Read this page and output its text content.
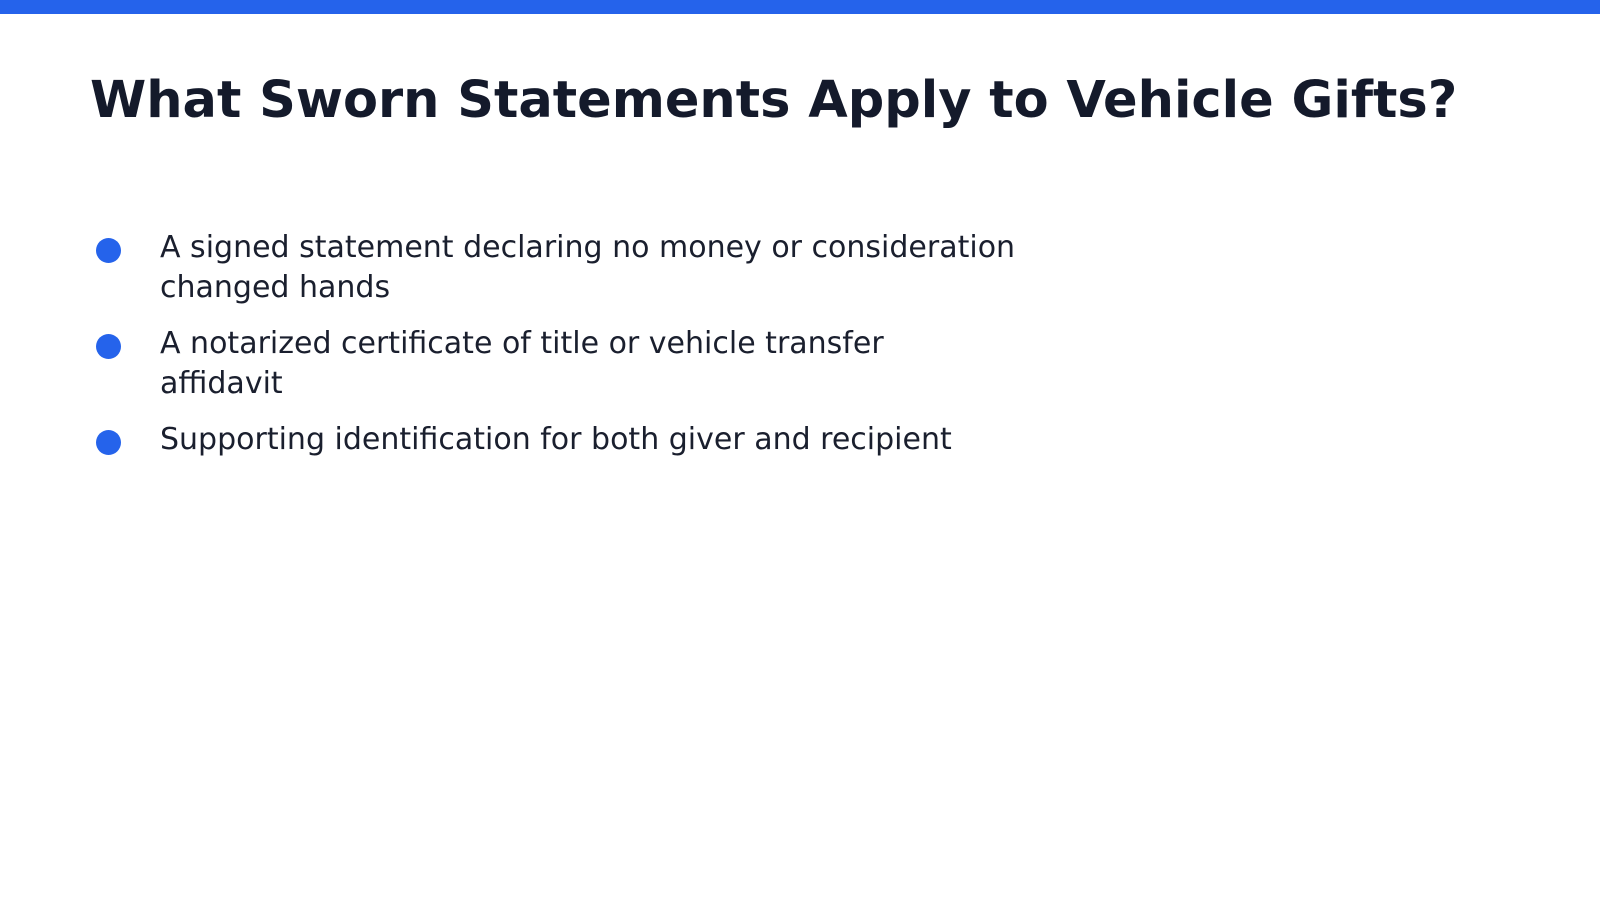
What Sworn Statements Apply to Vehicle Gifts?
A signed statement declaring no money or consideration changed hands
A notarized certificate of title or vehicle transfer affidavit
Supporting identification for both giver and recipient
